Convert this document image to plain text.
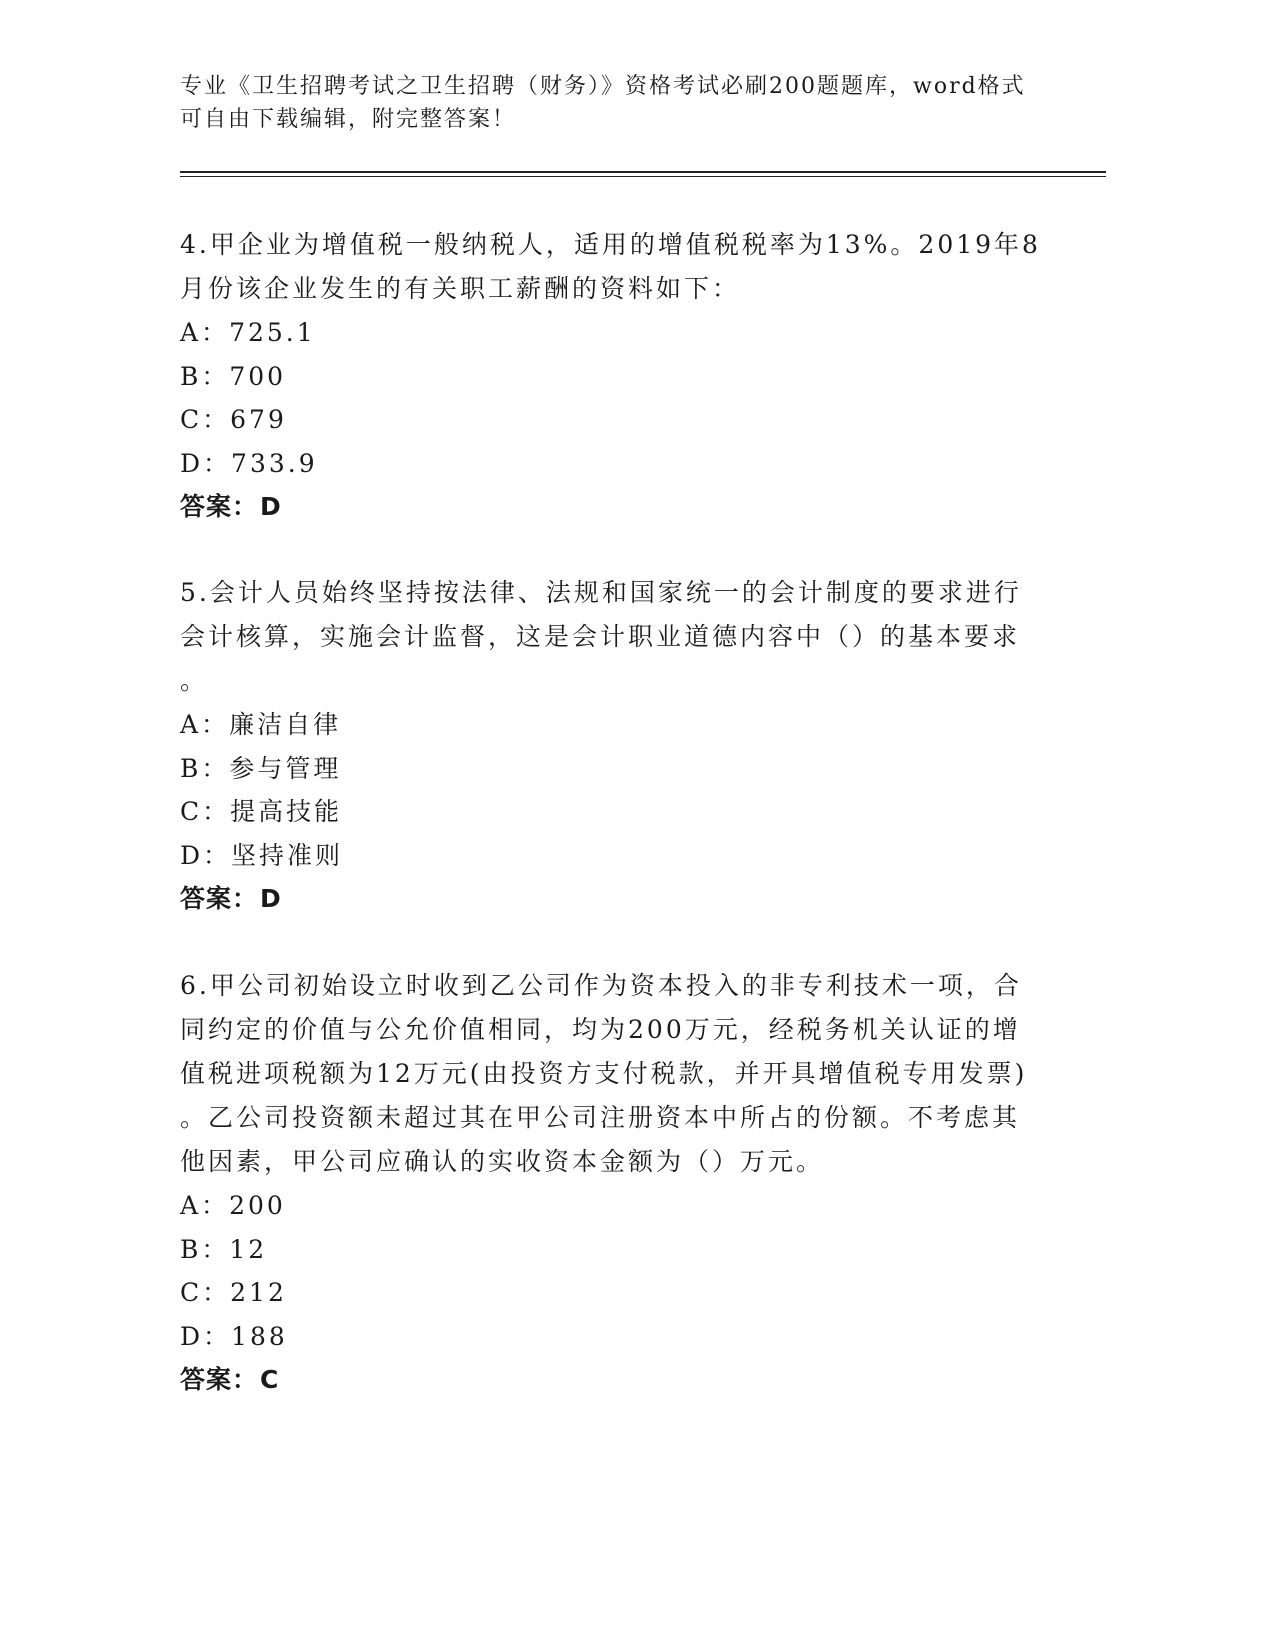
专业《卫生招聘考试之卫生招聘（财务）》资格考试必刷200题题库，word格式
可自由下载编辑，附完整答案！
4.甲企业为增值税一般纳税人，适用的增值税税率为13%。2019年8
月份该企业发生的有关职工薪酬的资料如下：
A：725.1
B：700
C：679
D：733.9
答案：D
5.会计人员始终坚持按法律、法规和国家统一的会计制度的要求进行
会计核算，实施会计监督，这是会计职业道德内容中（）的基本要求
。
A：廉洁自律
B：参与管理
C：提高技能
D：坚持准则
答案：D
6.甲公司初始设立时收到乙公司作为资本投入的非专利技术一项，合
同约定的价值与公允价值相同，均为200万元，经税务机关认证的增
值税进项税额为12万元(由投资方支付税款，并开具增值税专用发票)
。乙公司投资额未超过其在甲公司注册资本中所占的份额。不考虑其
他因素，甲公司应确认的实收资本金额为（）万元。
A：200
B：12
C：212
D：188
答案：C
